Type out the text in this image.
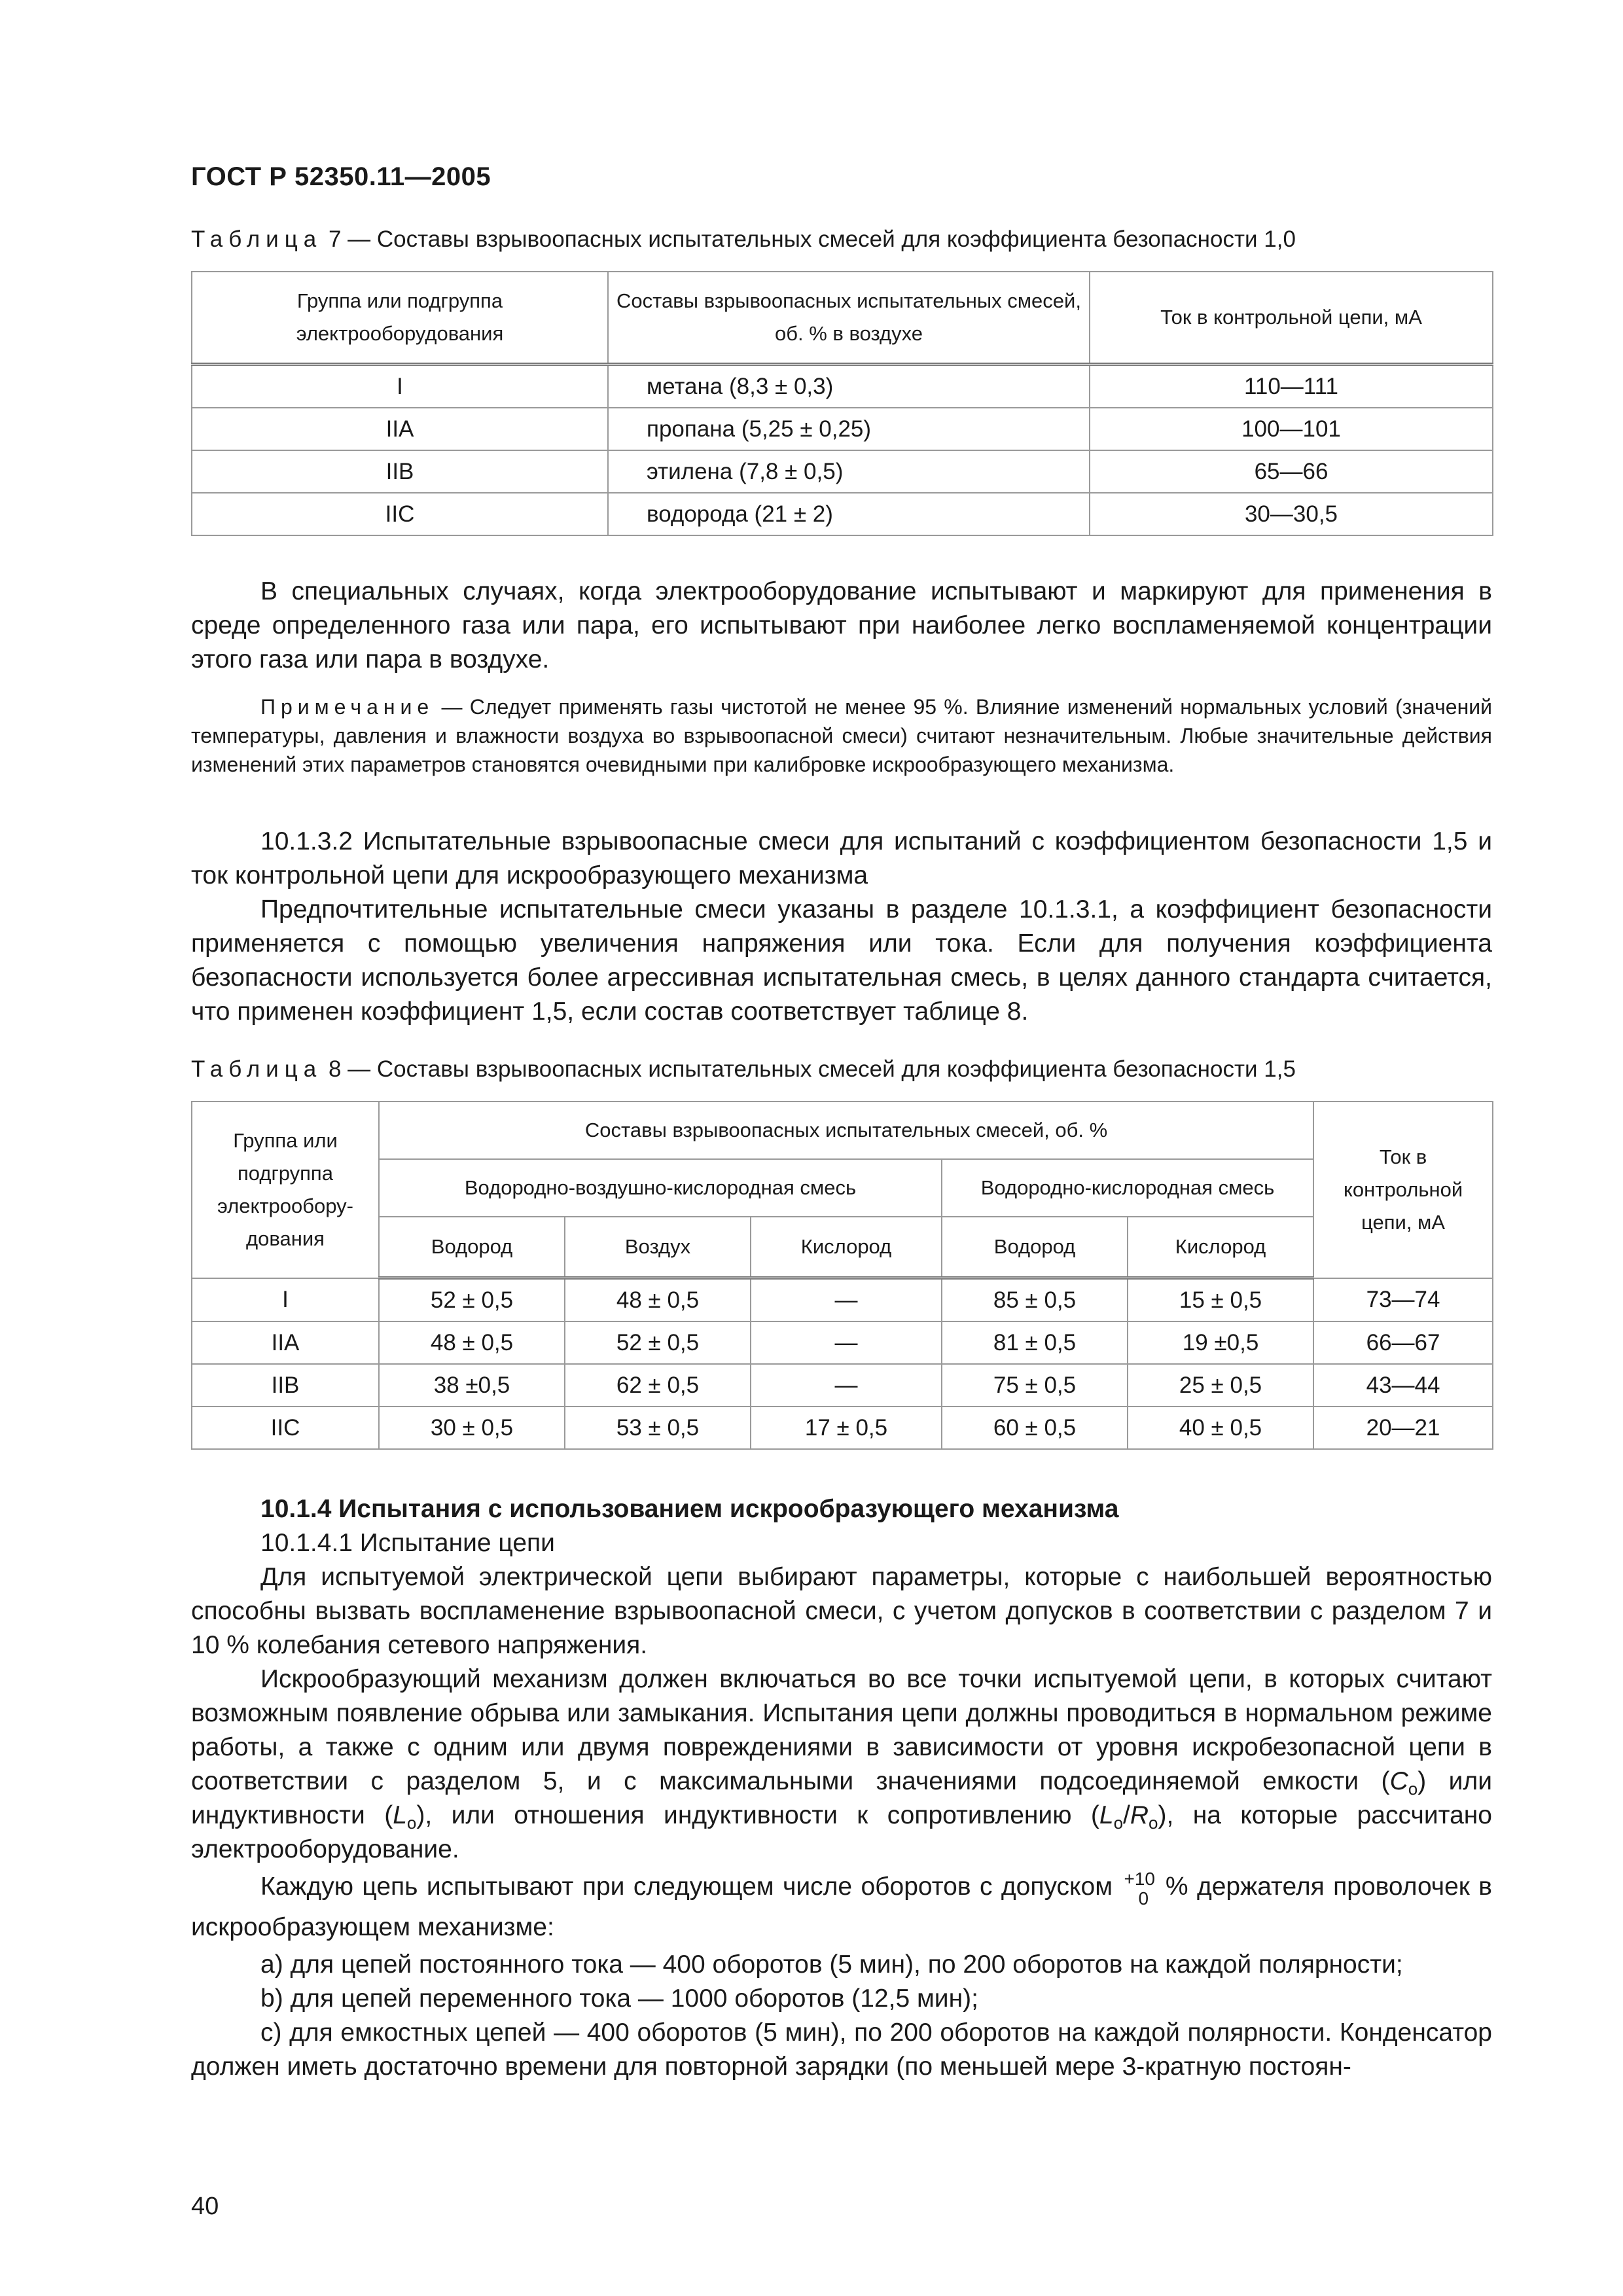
ГОСТ Р 52350.11—2005
Таблица 7 — Составы взрывоопасных испытательных смесей для коэффициента безопасности 1,0
Группа или подгруппа электрооборудования	Составы взрывоопасных испытательных смесей, об. % в воздухе	Ток в контрольной цепи, мА
I	метана (8,3 ± 0,3)	110—111
IIA	пропана (5,25 ± 0,25)	100—101
IIB	этилена (7,8 ± 0,5)	65—66
IIC	водорода (21 ± 2)	30—30,5

В специальных случаях, когда электрооборудование испытывают и маркируют для применения в среде определенного газа или пара, его испытывают при наиболее легко воспламеняемой концентрации этого газа или пара в воздухе.

Примечание — Следует применять газы чистотой не менее 95 %. Влияние изменений нормальных условий (значений температуры, давления и влажности воздуха во взрывоопасной смеси) считают незначительным. Любые значительные действия изменений этих параметров становятся очевидными при калибровке искрообразующего механизма.

10.1.3.2 Испытательные взрывоопасные смеси для испытаний с коэффициентом безопасности 1,5 и ток контрольной цепи для искрообразующего механизма

Предпочтительные испытательные смеси указаны в разделе 10.1.3.1, а коэффициент безопасности применяется с помощью увеличения напряжения или тока. Если для получения коэффициента безопасности используется более агрессивная испытательная смесь, в целях данного стандарта считается, что применен коэффициент 1,5, если состав соответствует таблице 8.

Таблица 8 — Составы взрывоопасных испытательных смесей для коэффициента безопасности 1,5
Группа или подгруппа электрообору-дования	Составы взрывоопасных испытательных смесей, об. %					Ток в контрольной цепи, мА
	Водородно-воздушно-кислородная смесь			Водородно-кислородная смесь		
	Водород	Воздух	Кислород	Водород	Кислород	
I	52 ± 0,5	48 ± 0,5	—	85 ± 0,5	15 ± 0,5	73—74
IIA	48 ± 0,5	52 ± 0,5	—	81 ± 0,5	19 ±0,5	66—67
IIB	38 ±0,5	62 ± 0,5	—	75 ± 0,5	25 ± 0,5	43—44
IIC	30 ± 0,5	53 ± 0,5	17 ± 0,5	60 ± 0,5	40 ± 0,5	20—21

10.1.4 Испытания с использованием искрообразующего механизма

10.1.4.1 Испытание цепи

Для испытуемой электрической цепи выбирают параметры, которые с наибольшей вероятностью способны вызвать воспламенение взрывоопасной смеси, с учетом допусков в соответствии с разделом 7 и 10 % колебания сетевого напряжения.

Искрообразующий механизм должен включаться во все точки испытуемой цепи, в которых считают возможным появление обрыва или замыкания. Испытания цепи должны проводиться в нормальном режиме работы, а также с одним или двумя повреждениями в зависимости от уровня искробезопасной цепи в соответствии с разделом 5, и с максимальными значениями подсоединяемой емкости $(C_o)$ или индуктивности $(L_o)$, или отношения индуктивности к сопротивлению $(L_o/R_o)$, на которые рассчитано электрооборудование.

Каждую цепь испытывают при следующем числе оборотов с допуском +10
0 % держателя проволочек в искрообразующем механизме:

a) для цепей постоянного тока — 400 оборотов (5 мин), по 200 оборотов на каждой полярности;

b) для цепей переменного тока — 1000 оборотов (12,5 мин);

c) для емкостных цепей — 400 оборотов (5 мин), по 200 оборотов на каждой полярности. Конденсатор должен иметь достаточно времени для повторной зарядки (по меньшей мере 3-кратную постоян-

40
